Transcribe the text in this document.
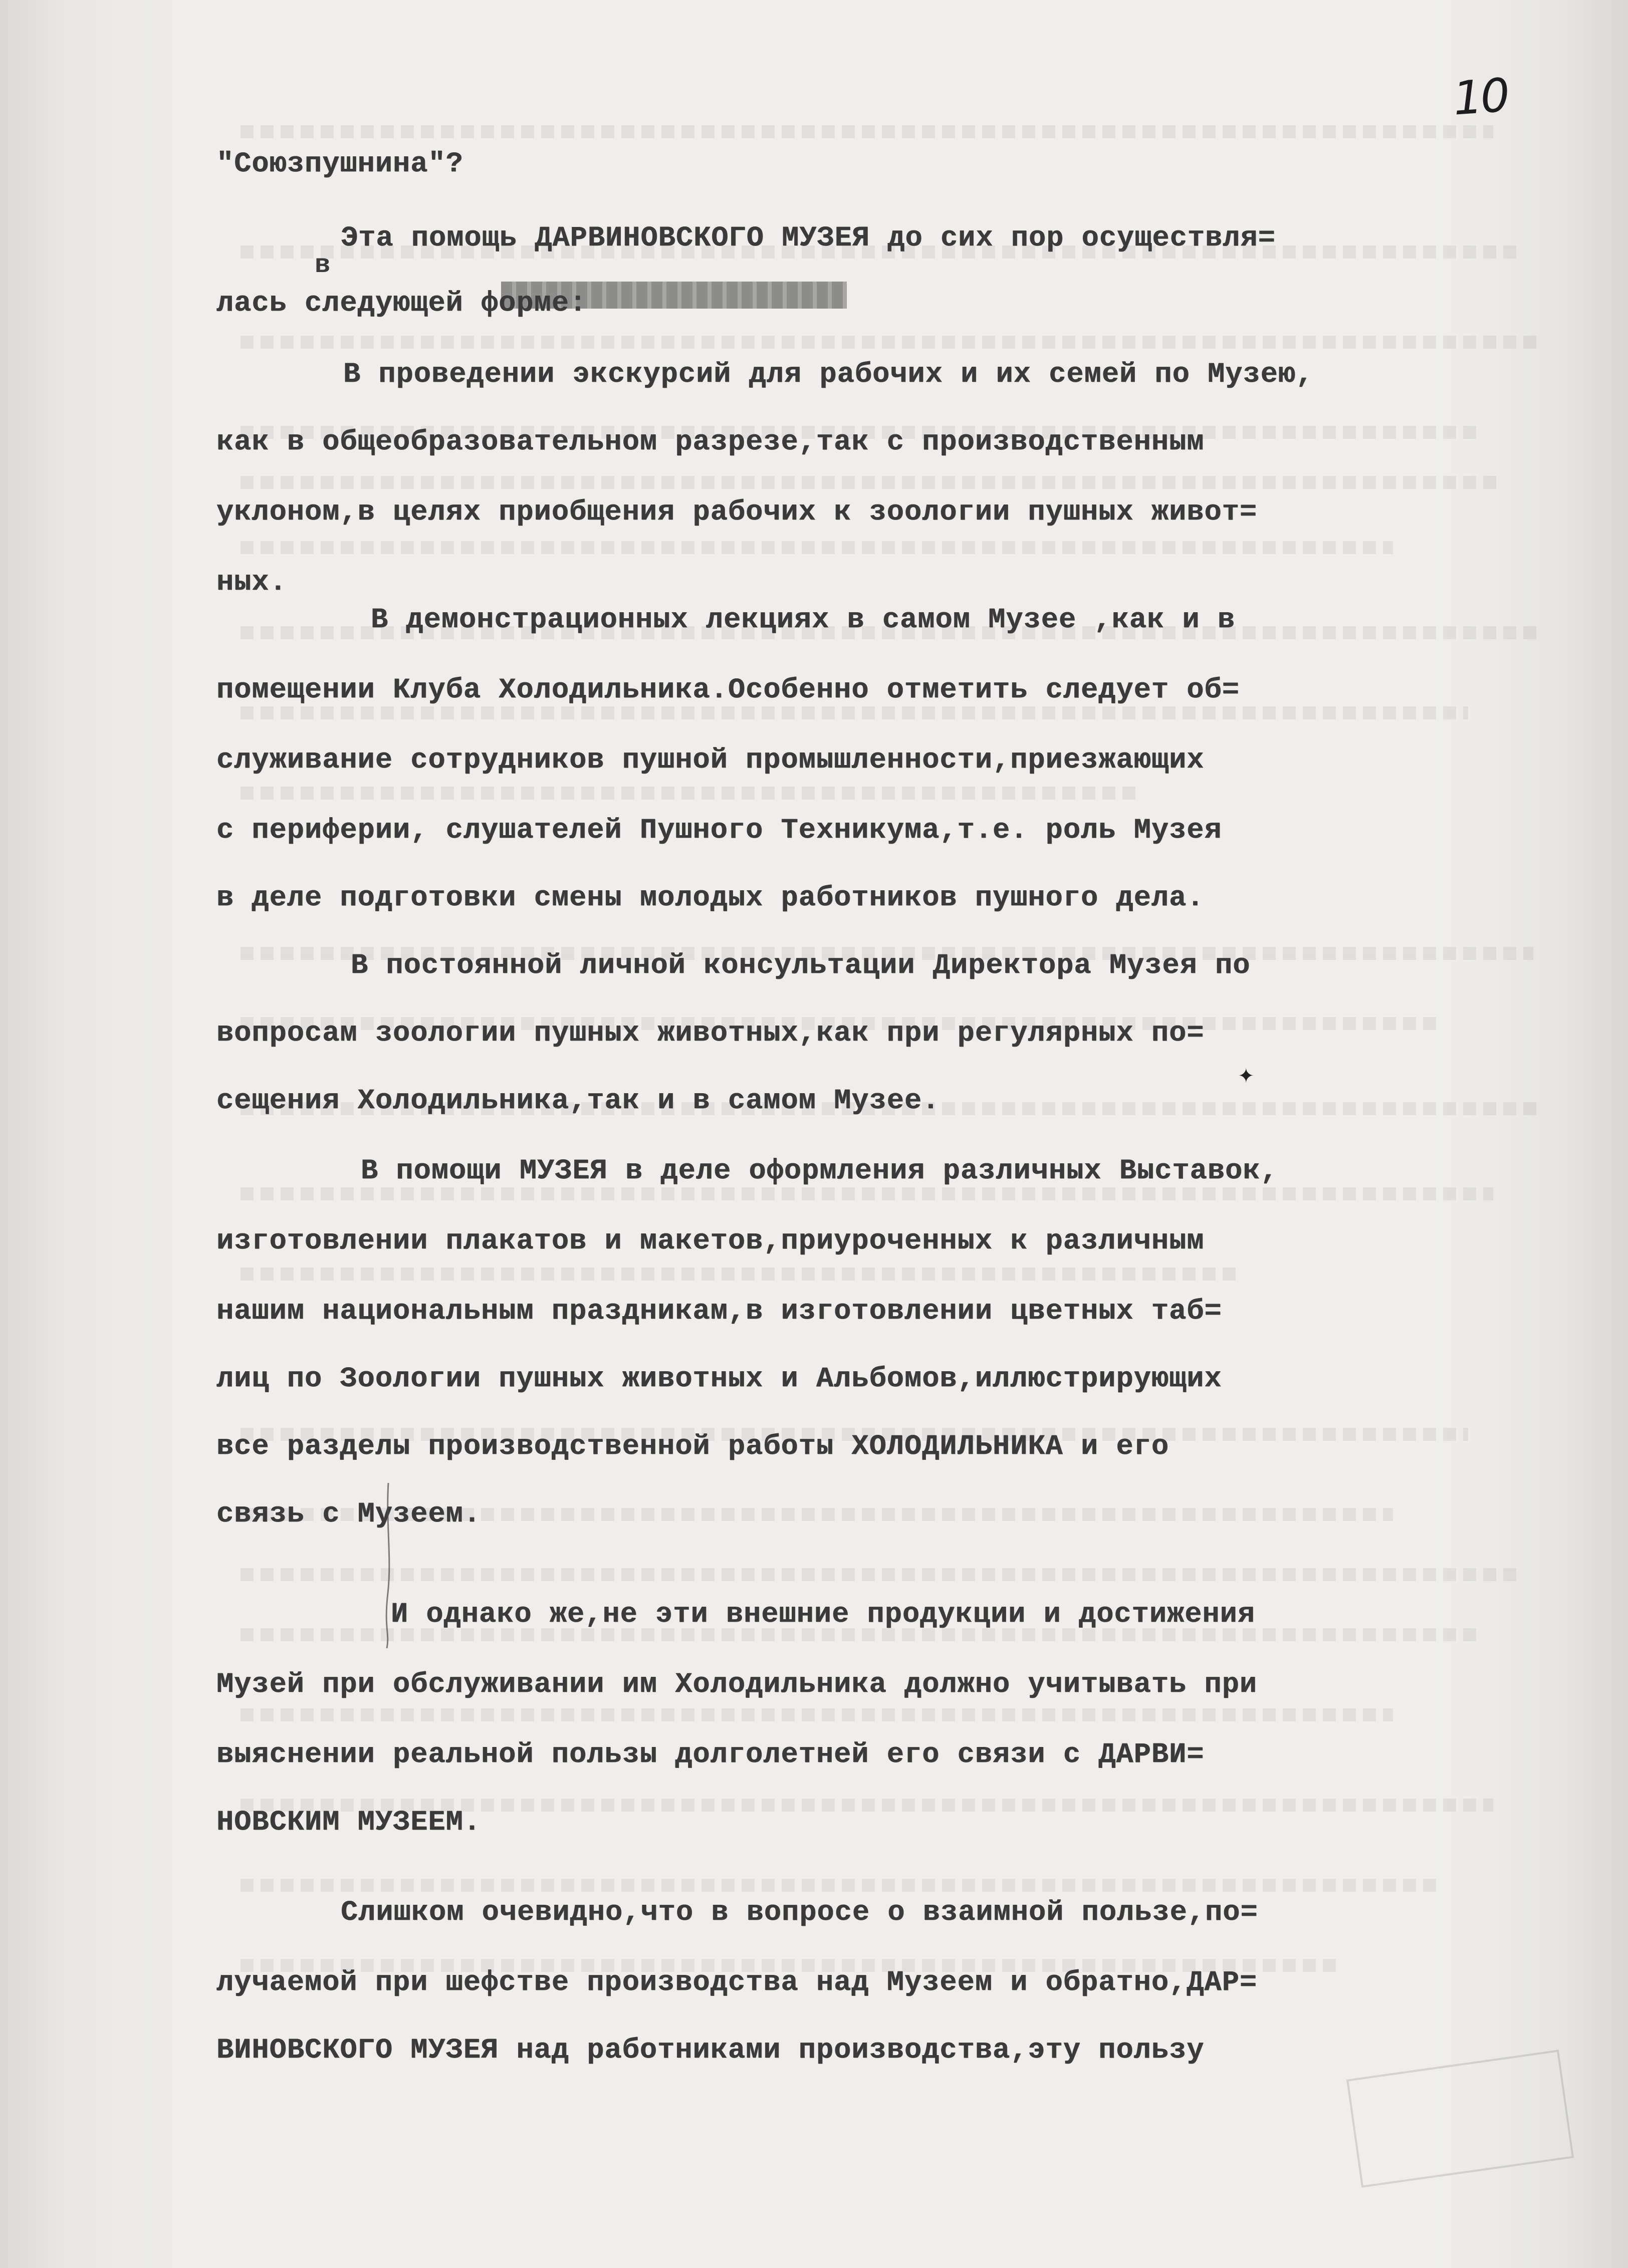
10
в
"Союзпушнина"?
Эта помощь ДАРВИНОВСКОГО МУЗЕЯ до сих пор осуществля=
лась следующей форме:
В проведении экскурсий для рабочих и их семей по Музею,
как в общеобразовательном разрезе,так с производственным
уклоном,в целях приобщения рабочих к зоологии пушных живот=
ных.
В демонстрационных лекциях в самом Музее ,как и в
помещении Клуба Холодильника.Особенно отметить следует об=
служивание сотрудников пушной промышленности,приезжающих
с периферии, слушателей Пушного Техникума,т.е. роль Музея
в деле подготовки смены молодых работников пушного дела.
В постоянной личной консультации Директора Музея по
вопросам зоологии пушных животных,как при регулярных по=
сещения Холодильника,так и в самом Музее.
В помощи МУЗЕЯ в деле оформления различных Выставок,
изготовлении плакатов и макетов,приуроченных к различным
нашим национальным праздникам,в изготовлении цветных таб=
лиц по Зоологии пушных животных и Альбомов,иллюстрирующих
все разделы производственной работы ХОЛОДИЛЬНИКА и его
связь с Музеем.
И однако же,не эти внешние продукции и достижения
Музей при обслуживании им Холодильника должно учитывать при
выяснении реальной пользы долголетней его связи с ДАРВИ=
НОВСКИМ МУЗЕЕМ.
Слишком очевидно,что в вопросе о взаимной пользе,по=
лучаемой при шефстве производства над Музеем и обратно,ДАР=
ВИНОВСКОГО МУЗЕЯ над работниками производства,эту пользу
✦
